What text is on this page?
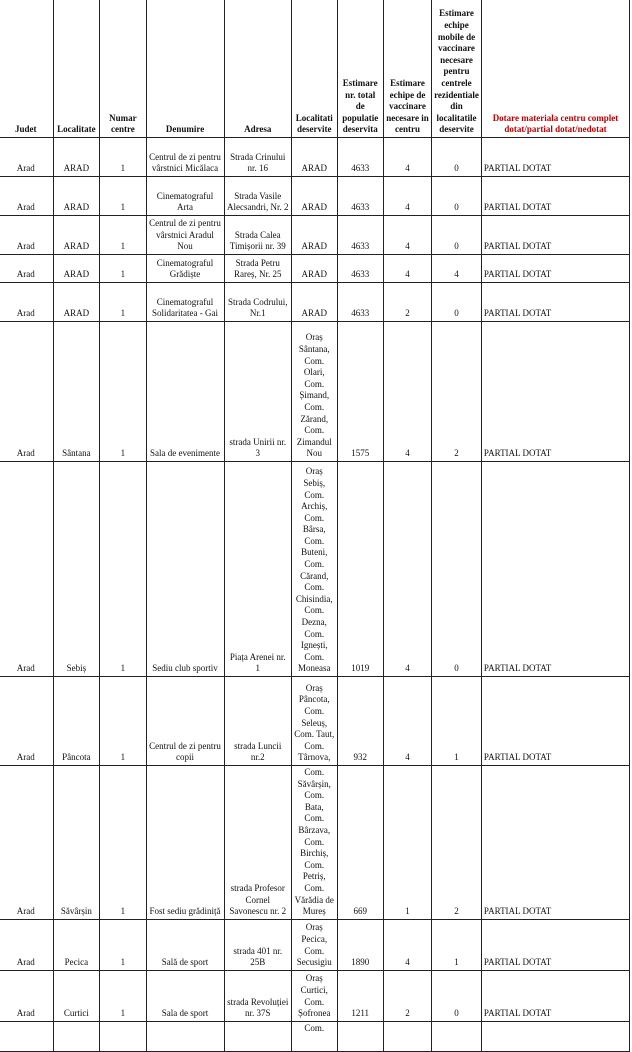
Judet	Localitate	Numar centre	Denumire	Adresa	Localitati deservite	Estimare nr. total de populatie deservita	Estimare echipe de vaccinare necesare in centru	Estimare echipe mobile de vaccinare necesare pentru centrele rezidentiale din localitatile deservite	Dotare materiala centru complet dotat/partial dotat/nedotat
Arad	ARAD	1	Centrul de zi pentru vârstnici Micălaca	Strada Crinului nr. 16	ARAD	4633	4	0	PARTIAL DOTAT
Arad	ARAD	1	Cinematograful Arta	Strada Vasile Alecsandri, Nr. 2	ARAD	4633	4	0	PARTIAL DOTAT
Arad	ARAD	1	Centrul de zi pentru vârstnici Aradul Nou	Strada Calea Timișorii nr. 39	ARAD	4633	4	0	PARTIAL DOTAT
Arad	ARAD	1	Cinematograful Grădiște	Strada Petru Rareș, Nr. 25	ARAD	4633	4	4	PARTIAL DOTAT
Arad	ARAD	1	Cinematograful Solidaritatea - Gai	Strada Codrului, Nr.1	ARAD	4633	2	0	PARTIAL DOTAT
Arad	Sântana	1	Sala de evenimente	strada Unirii nr. 3	Oraș Sântana, Com. Olari, Com. Șimand, Com. Zărand, Com. Zimandul Nou	1575	4	2	PARTIAL DOTAT
Arad	Sebiș	1	Sediu club sportiv	Piața Arenei nr. 1	Oraș Sebiș, Com. Archiș, Com. Bârsa, Com. Buteni, Com. Cărand, Com. Chisindia, Com. Dezna, Com. Ignești, Com. Moneasa	1019	4	0	PARTIAL DOTAT
Arad	Pâncota	1	Centrul de zi pentru copii	strada Luncii nr.2	Oraș Pâncota, Com. Seleuș, Com. Taut, Com. Târnova,	932	4	1	PARTIAL DOTAT
Arad	Săvârșin	1	Fost sediu grădiniță	strada Profesor Cornel Savonescu nr. 2	Com. Săvârșin, Com. Bata, Com. Bârzava, Com. Birchiș, Com. Petriș, Com. Vărădia de Mureș	669	1	2	PARTIAL DOTAT
Arad	Pecica	1	Sală de sport	strada 401 nr. 25B	Oraș Pecica, Com. Secusigiu	1890	4	1	PARTIAL DOTAT
Arad	Curtici	1	Sala de sport	strada Revoluției nr. 37S	Oraș Curtici, Com. Șofronea	1211	2	0	PARTIAL DOTAT
					Com.				
